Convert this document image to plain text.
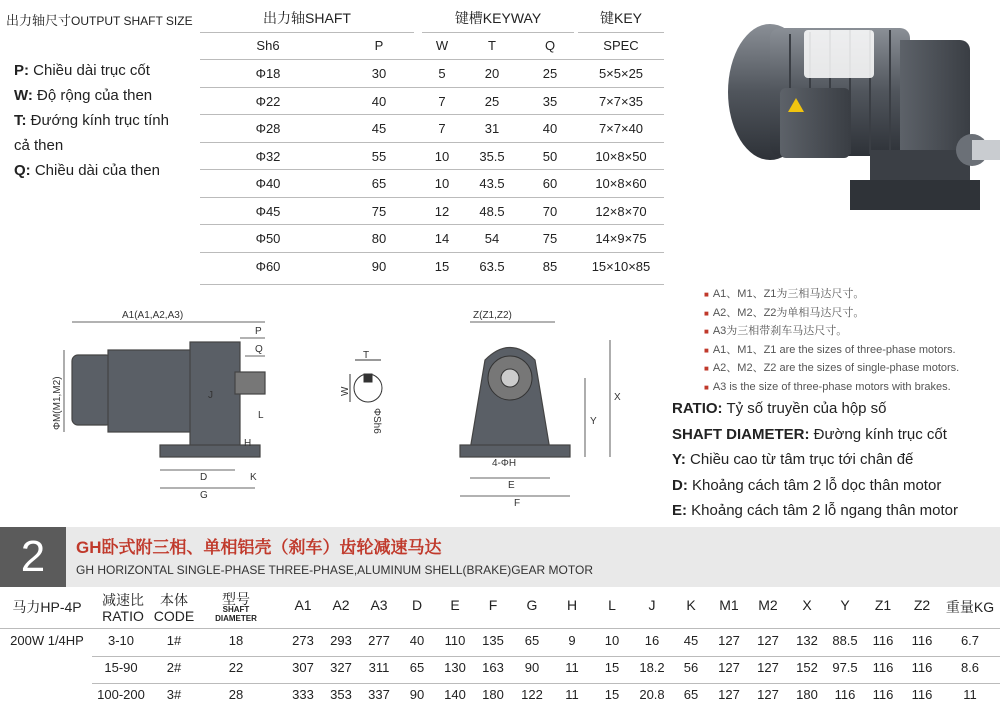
出力轴尺寸OUTPUT SHAFT SIZE
P: Chiều dài trục cốt
W: Độ rộng của then
T: Đướng kính trục tính
cả then
Q: Chiều dài của then
出力轴SHAFT	键槽KEYWAY	键KEY
Sh6	P	W	T	Q	SPEC
Φ18	30	5	20	25	5×5×25
Φ22	40	7	25	35	7×7×35
Φ28	45	7	31	40	7×7×40
Φ32	55	10	35.5	50	10×8×50
Φ40	65	10	43.5	60	10×8×60
Φ45	75	12	48.5	70	12×8×70
Φ50	80	14	54	75	14×9×75
Φ60	90	15	63.5	85	15×10×85
■ A1、M1、Z1为三相马达尺寸。
■ A2、M2、Z2为单相马达尺寸。
■ A3为三相带刹车马达尺寸。
■ A1、M1、Z1 are the sizes of three-phase motors.
■ A2、M2、Z2 are the sizes of single-phase motors.
■ A3 is the size of three-phase motors with brakes.
RATIO: Tỷ số truyền của hộp số
SHAFT DIAMETER: Đường kính trục cốt
Y: Chiều cao từ tâm trục tới chân đế
D: Khoảng cách tâm 2 lỗ dọc thân motor
E: Khoảng cách tâm 2 lỗ ngang thân motor
A1(A1,A2,A3)
P
Q
ΦM(M1,M2)	J
L
H
K
D
G
T
W
ΦSh6
Z(Z1,Z2)
Y
X
4-ΦH
E
F
2	GH卧式附三相、单相铝壳（刹车）齿轮减速马达
GH HORIZONTAL SINGLE-PHASE THREE-PHASE,ALUMINUM SHELL(BRAKE)GEAR MOTOR
马力HP-4P	减速比
RATIO
本体
CODE
型号
SHAFT
DIAMETER
A1	A2	A3	D	E	F	G	H	L	J	K	M1	M2	X	Y	Z1	Z2	重量KG
200W 1/4HP	3-10	1#	18	273	293	277	40	110	135	65	9	10	16	45	127	127	132	88.5	116	116	6.7
15-90	2#	22	307	327	311	65	130	163	90	11	15	18.2	56	127	127	152	97.5	116	116	8.6
100-200	3#	28	333	353	337	90	140	180	122	11	15	20.8	65	127	127	180	116	116	116	11
